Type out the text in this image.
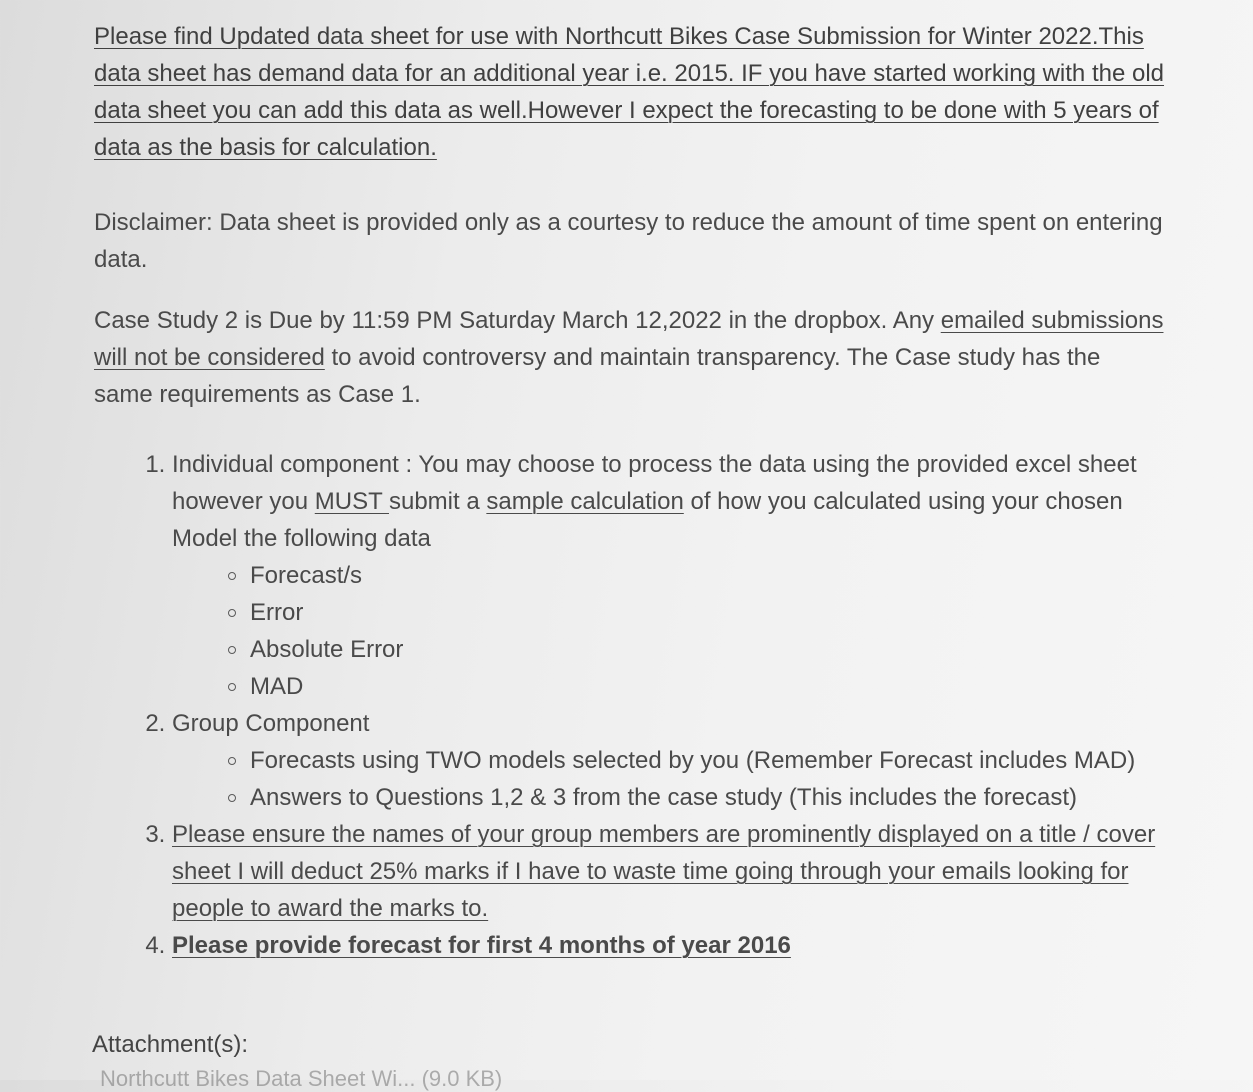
Please find Updated data sheet for use with Northcutt Bikes Case Submission for Winter 2022.This data sheet has demand data for an additional year i.e. 2015. IF you have started working with the old data sheet you can add this data as well.However I expect the forecasting to be done with 5 years of data as the basis for calculation.
Disclaimer: Data sheet is provided only as a courtesy to reduce the amount of time spent on entering data.
Case Study 2 is Due by 11:59 PM Saturday March 12,2022 in the dropbox. Any emailed submissions will not be considered to avoid controversy and maintain transparency. The Case study has the same requirements as Case 1.
1. Individual component : You may choose to process the data using the provided excel sheet however you MUST submit a sample calculation of how you calculated using your chosen Model the following data
Forecast/s
Error
Absolute Error
MAD
2. Group Component
Forecasts using TWO models selected by you (Remember Forecast includes MAD)
Answers to Questions 1,2 & 3 from the case study (This includes the forecast)
3. Please ensure the names of your group members are prominently displayed on a title / cover sheet I will deduct 25% marks if I have to waste time going through your emails looking for people to award the marks to.
4. Please provide forecast for first 4 months of year 2016
Attachment(s):
Northcutt Bikes Data Sheet Wi... (9.0 KB)
